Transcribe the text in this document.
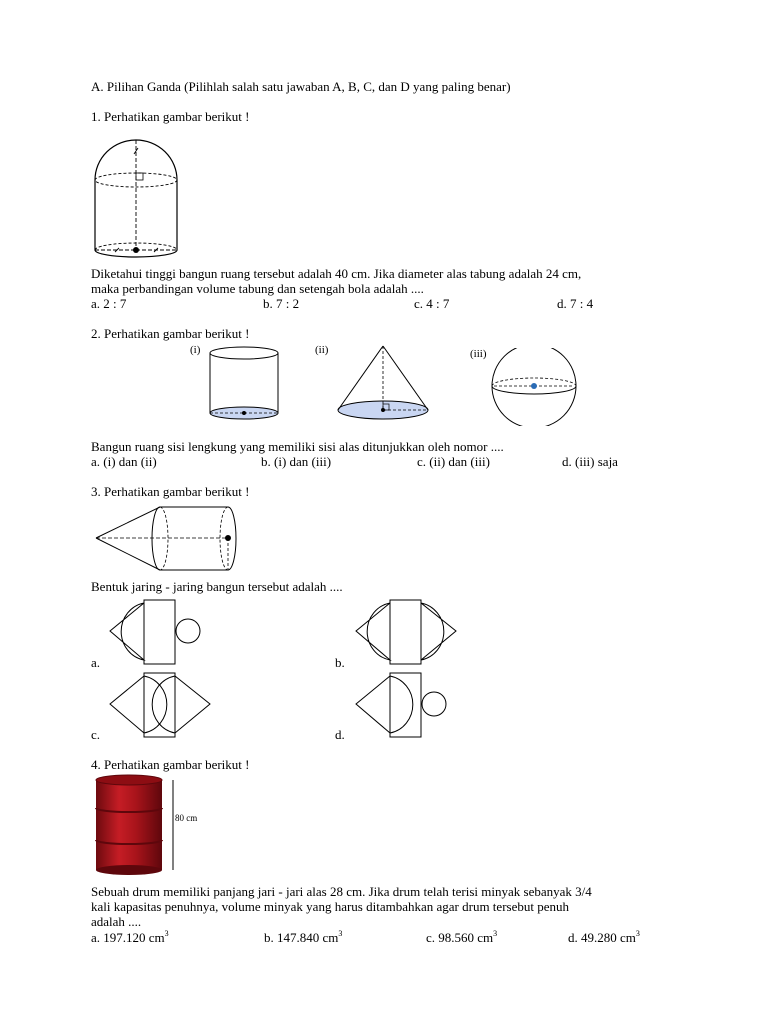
A. Pilihan Ganda (Pilihlah salah satu jawaban A, B, C, dan D yang paling benar)
1. Perhatikan gambar berikut !
Diketahui tinggi bangun ruang tersebut adalah 40 cm. Jika diameter alas tabung adalah 24 cm,
maka perbandingan volume tabung dan setengah bola adalah ....
a. 2 : 7	b. 7 : 2	c. 4 : 7	d. 7 : 4
2. Perhatikan gambar berikut !
(i)	(ii)	(iii)
Bangun ruang sisi lengkung yang memiliki sisi alas ditunjukkan oleh nomor ....
a. (i) dan (ii)	b. (i) dan (iii)	c. (ii) dan (iii)	d. (iii) saja
3. Perhatikan gambar berikut !
Bentuk jaring - jaring bangun tersebut adalah ....
a.	b.
c.	d.
4. Perhatikan gambar berikut !
80 cm
Sebuah drum memiliki panjang jari - jari alas 28 cm. Jika drum telah terisi minyak sebanyak 3/4
kali kapasitas penuhnya, volume minyak yang harus ditambahkan agar drum tersebut penuh
adalah ....
a. 197.120 $cm^3$	b. 147.840 $cm^3$	c. 98.560 $cm^3$	d. 49.280 $cm^3$
